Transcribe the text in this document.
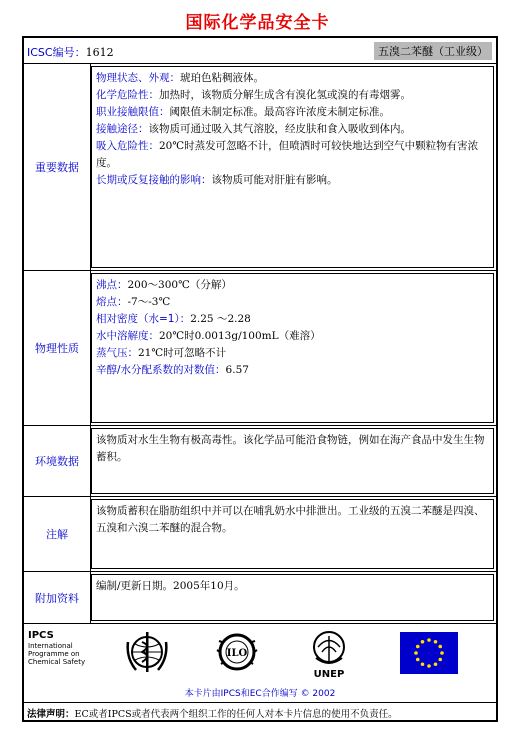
国际化学品安全卡
ICSC编号：1612	五溴二苯醚（工业级）
重要数据

物理状态、外观：琥珀色粘稠液体。

化学危险性：加热时，该物质分解生成含有溴化氢或溴的有毒烟雾。

职业接触限值：阈限值未制定标准。最高容许浓度未制定标准。

接触途径：该物质可通过吸入其气溶胶，经皮肤和食入吸收到体内。

吸入危险性：20℃时蒸发可忽略不计，但喷洒时可较快地达到空气中颗粒物有害浓度。

长期或反复接触的影响：该物质可能对肝脏有影响。

物理性质

沸点：200～300℃（分解）

熔点：-7～-3℃

相对密度（水=1）：2.25 ～2.28

水中溶解度：20℃时0.0013g/100mL（难溶）

蒸气压：21℃时可忽略不计

辛醇/水分配系数的对数值：6.57

环境数据
该物质对水生生物有极高毒性。该化学品可能沿食物链，例如在海产食品中发生生物蓄积。
注解
该物质蓄积在脂肪组织中并可以在哺乳奶水中排泄出。工业级的五溴二苯醚是四溴、五溴和六溴二苯醚的混合物。
附加资料
编制/更新日期。2005年10月。
IPCS
International
Programme on
Chemical Safety
ILO
UNEP
本卡片由IPCS和EC合作编写 © 2002
法律声明：EC或者IPCS或者代表两个组织工作的任何人对本卡片信息的使用不负责任。
